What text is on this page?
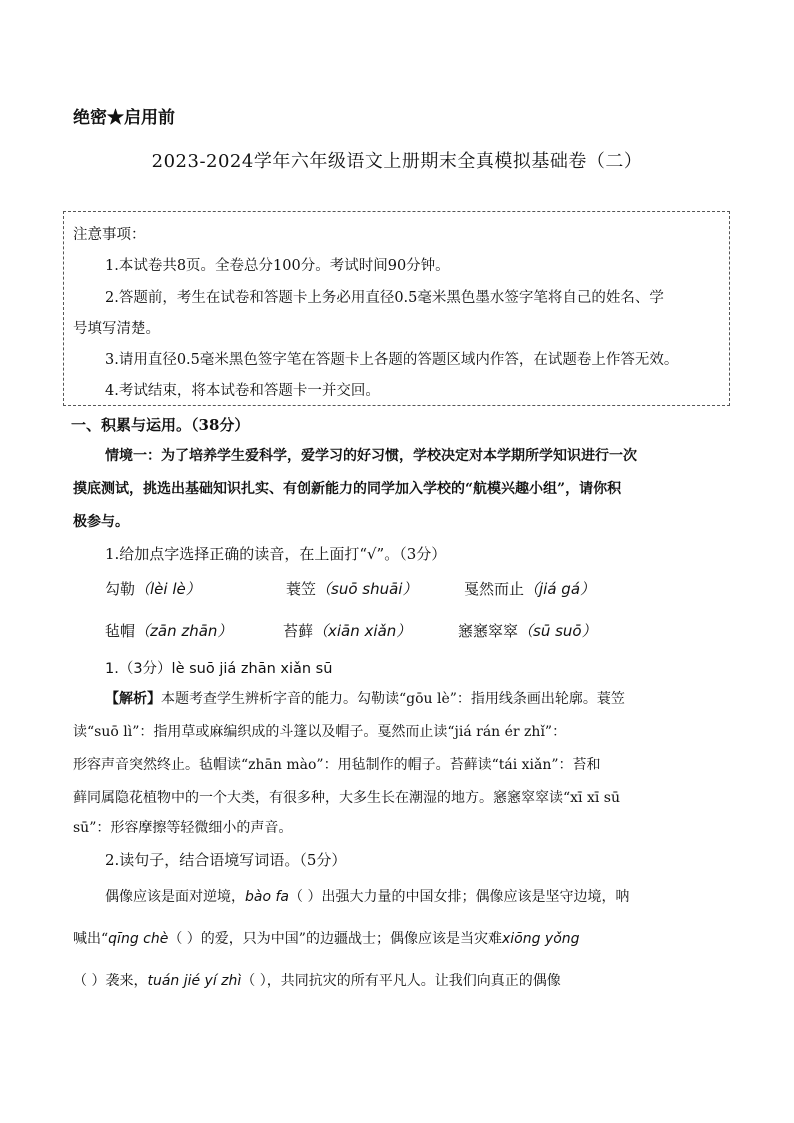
绝密★启用前
2023-2024学年六年级语文上册期末全真模拟基础卷（二）
注意事项：
1.本试卷共8页。全卷总分100分。考试时间90分钟。
2.答题前，考生在试卷和答题卡上务必用直径0.5毫米黑色墨水签字笔将自己的姓名、学
号填写清楚。
3.请用直径0.5毫米黑色签字笔在答题卡上各题的答题区域内作答，在试题卷上作答无效。
4.考试结束，将本试卷和答题卡一并交回。
一、积累与运用。（38分）
情境一：为了培养学生爱科学，爱学习的好习惯，学校决定对本学期所学知识进行一次
摸底测试，挑选出基础知识扎实、有创新能力的同学加入学校的“航模兴趣小组”，请你积
极参与。
1.给加点字选择正确的读音，在上面打“√”。（3分）
勾勒（lèi lè）	蓑笠（suō shuāi）	戛然而止（jiá gá）
毡帽（zān zhān）	苔藓（xiān xiǎn）	窸窸窣窣（sū suō）
1.（3分）lè suō jiá zhān xiǎn sū
【解析】本题考查学生辨析字音的能力。勾勒读“gōu lè”：指用线条画出轮廓。蓑笠
读“suō lì”：指用草或麻编织成的斗篷以及帽子。戛然而止读“jiá rán ér zhǐ”：
形容声音突然终止。毡帽读“zhān mào”：用毡制作的帽子。苔藓读“tái xiǎn”：苔和
藓同属隐花植物中的一个大类，有很多种，大多生长在潮湿的地方。窸窸窣窣读“xī xī sū
sū”：形容摩擦等轻微细小的声音。
2.读句子，结合语境写词语。（5分）
偶像应该是面对逆境，bào fa（ ）出强大力量的中国女排；偶像应该是坚守边境，呐
喊出“qīng chè（ ）的爱，只为中国”的边疆战士；偶像应该是当灾难xiōng yǒng
（ ）袭来，tuán jié yí zhì（ ），共同抗灾的所有平凡人。让我们向真正的偶像
